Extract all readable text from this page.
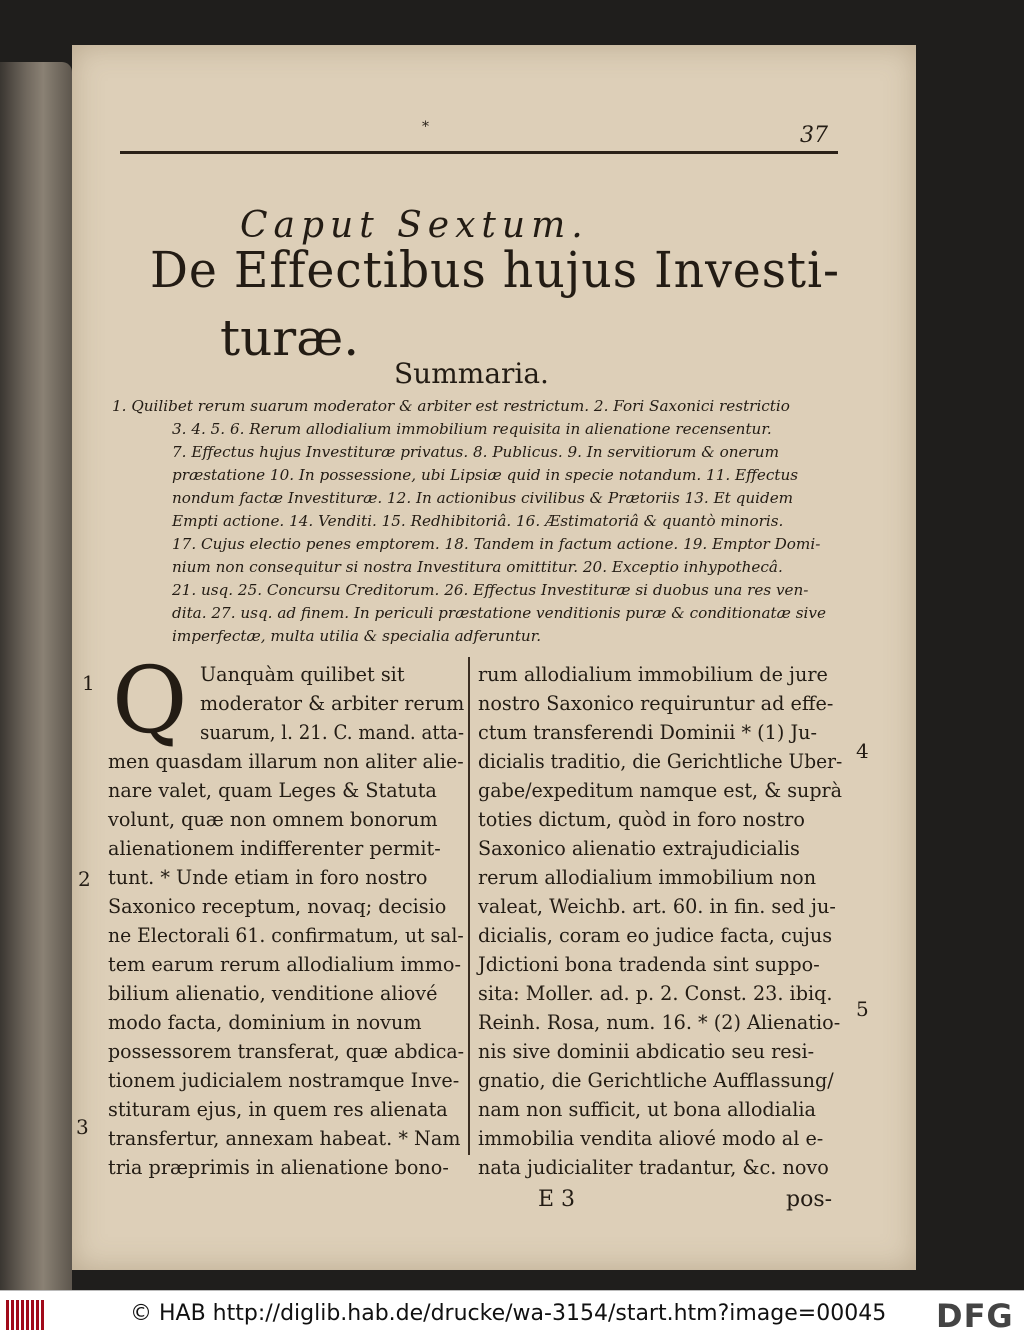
*	37
Caput Sextum.
De Effectibus hujus Investi-
turæ.
Summaria.
1. Quilibet rerum suarum moderator & arbiter est restrictum. 2. Fori Saxonici restrictio
3. 4. 5. 6. Rerum allodialium immobilium requisita in alienatione recensentur.
7. Effectus hujus Investituræ privatus. 8. Publicus. 9. In servitiorum & onerum
præstatione 10. In possessione, ubi Lipsiæ quid in specie notandum. 11. Effectus
nondum factæ Investituræ. 12. In actionibus civilibus & Prætoriis 13. Et quidem
Empti actione. 14. Venditi. 15. Redhibitoriâ. 16. Æstimatoriâ & quantò minoris.
17. Cujus electio penes emptorem. 18. Tandem in factum actione. 19. Emptor Domi-
nium non consequitur si nostra Investitura omittitur. 20. Exceptio inhypothecâ.
21. usq. 25. Concursu Creditorum. 26. Effectus Investituræ si duobus una res ven-
dita. 27. usq. ad finem. In periculi præstatione venditionis puræ & conditionatæ sive
imperfectæ, multa utilia & specialia adferuntur.
1
2
3
4
5
Q Uanquàm quilibet sit
moderator & arbiter rerum
suarum, l. 21. C. mand. atta-
men quasdam illarum non aliter alie-
nare valet, quam Leges & Statuta
volunt, quæ non omnem bonorum
alienationem indifferenter permit-
tunt. * Unde etiam in foro nostro
Saxonico receptum, novaq; decisio
ne Electorali 61. confirmatum, ut sal-
tem earum rerum allodialium immo-
bilium alienatio, venditione aliové
modo facta, dominium in novum
possessorem transferat, quæ abdica-
tionem judicialem nostramque Inve-
stituram ejus, in quem res alienata
transfertur, annexam habeat. * Nam
tria præprimis in alienatione bono-
rum allodialium immobilium de jure
nostro Saxonico requiruntur ad effe-
ctum transferendi Dominii * (1) Ju-
dicialis traditio, die Gerichtliche Uber-
gabe/expeditum namque est, & suprà
toties dictum, quòd in foro nostro
Saxonico alienatio extrajudicialis
rerum allodialium immobilium non
valeat, Weichb. art. 60. in fin. sed ju-
dicialis, coram eo judice facta, cujus
Jdictioni bona tradenda sint suppo-
sita: Moller. ad. p. 2. Const. 23. ibiq.
Reinh. Rosa, num. 16. * (2) Alienatio-
nis sive dominii abdicatio seu resi-
gnatio, die Gerichtliche Aufflassung/
nam non sufficit, ut bona allodialia
immobilia vendita aliové modo al e-
nata judicialiter tradantur, &c. novo
E 3	pos-
© HAB http://diglib.hab.de/drucke/wa-3154/start.htm?image=00045 DFG
